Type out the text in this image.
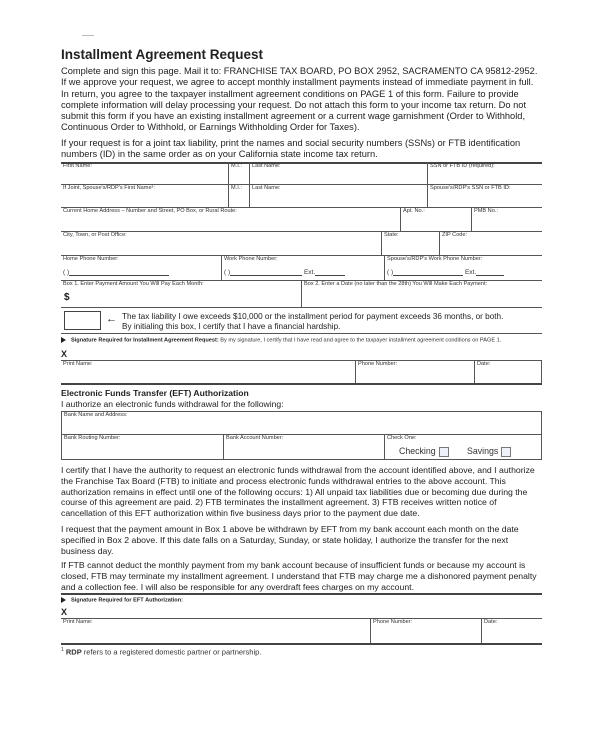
Installment Agreement Request
Complete and sign this page. Mail it to: FRANCHISE TAX BOARD, PO BOX 2952, SACRAMENTO CA 95812-2952. If we approve your request, we agree to accept monthly installment payments instead of immediate payment in full. In return, you agree to the taxpayer installment agreement conditions on PAGE 1 of this form. Failure to provide complete information will delay processing your request. Do not attach this form to your income tax return. Do not submit this form if you have an existing installment agreement or a current wage garnishment (Order to Withhold, Continuous Order to Withhold, or Earnings Withholding Order for Taxes).
If your request is for a joint tax liability, print the names and social security numbers (SSNs) or FTB identification numbers (ID) in the same order as on your California state income tax return.
First Name:	M.I.: Last Name:	SSN or FTB ID (required):
If Joint, Spouse's/RDP's First Name¹:	M.I.: Last Name:	Spouse's/RDP's SSN or FTB ID:
Current Home Address – Number and Street, PO Box, or Rural Route:	Apt. No.:	PMB No.:
City, Town, or Post Office:	State:	ZIP Code:
Home Phone Number:
( )
Work Phone Number:
( )	Ext.
Spouse's/RDP's Work Phone Number:
( )	Ext.
Box 1. Enter Payment Amount You Will Pay Each Month:
$
Box 2. Enter a Date (no later than the 28th) You Will Make Each Payment:
← The tax liability I owe exceeds $10,000 or the installment period for payment exceeds 36 months, or both.
By initialing this box, I certify that I have a financial hardship.
Signature Required for Installment Agreement Request: By my signature, I certify that I have read and agree to the taxpayer installment agreement conditions on PAGE 1.
X
Print Name:	Phone Number:	Date:
Electronic Funds Transfer (EFT) Authorization
I authorize an electronic funds withdrawal for the following:
Bank Name and Address:
Bank Routing Number:	Bank Account Number:	Check One:
Checking	Savings
I certify that I have the authority to request an electronic funds withdrawal from the account identified above, and I authorize the Franchise Tax Board (FTB) to initiate and process electronic funds withdrawal entries to the above account. This authorization remains in effect until one of the following occurs: 1) All unpaid tax liabilities due or becoming due during the course of this agreement are paid. 2) FTB terminates the installment agreement. 3) FTB receives written notice of cancellation of this EFT authorization within five business days prior to the payment due date.
I request that the payment amount in Box 1 above be withdrawn by EFT from my bank account each month on the date specified in Box 2 above. If this date falls on a Saturday, Sunday, or state holiday, I authorize the transfer for the next business day.
If FTB cannot deduct the monthly payment from my bank account because of insufficient funds or because my account is closed, FTB may terminate my installment agreement. I understand that FTB may charge me a dishonored payment penalty and a collection fee. I will also be responsible for any overdraft fees charges on my account.
Signature Required for EFT Authorization:
X
Print Name:	Phone Number:	Date:
$^1$ RDP refers to a registered domestic partner or partnership.
